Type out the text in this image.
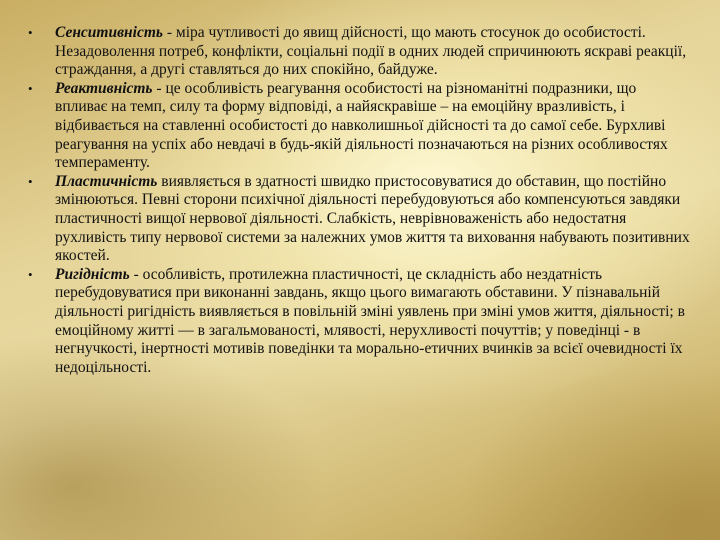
• Сенситивність - міра чутливості до явищ дійсності, що мають стосунок до особистості. Незадоволення потреб, конфлікти, соціальні події в одних людей спричинюють яскраві реакції, страждання, а другі ставляться до них спокійно, байдуже.
• Реактивність - це особливість реагування особистості на різноманітні подразники, що впливає на темп, силу та форму відповіді, а найяскравіше – на емоційну вразливість, і відбивається на ставленні особистості до навколишньої дійсності та до самої себе. Бурхливі реагування на успіх або невдачі в будь-якій діяльності позначаються на різних особливостях темпераменту.
• Пластичність виявляється в здатності швидко пристосовуватися до обставин, що постійно змінюються. Певні сторони психічної діяльності перебудовуються або компенсуються завдяки пластичності вищої нервової діяльності. Слабкість, неврівноваженість або недостатня рухливість типу нервової системи за належних умов життя та виховання набувають позитивних якостей.
• Ригідність - особливість, протилежна пластичності, це складність або нездатність перебудовуватися при виконанні завдань, якщо цього вимагають обставини. У пізнавальній діяльності ригідність виявляється в повільній зміні уявлень при зміні умов життя, діяльності; в емоційному житті — в загальмованості, млявості, нерухливості почуттів; у поведінці - в негнучкості, інертності мотивів поведінки та морально-етичних вчинків за всієї очевидності їх недоцільності.
